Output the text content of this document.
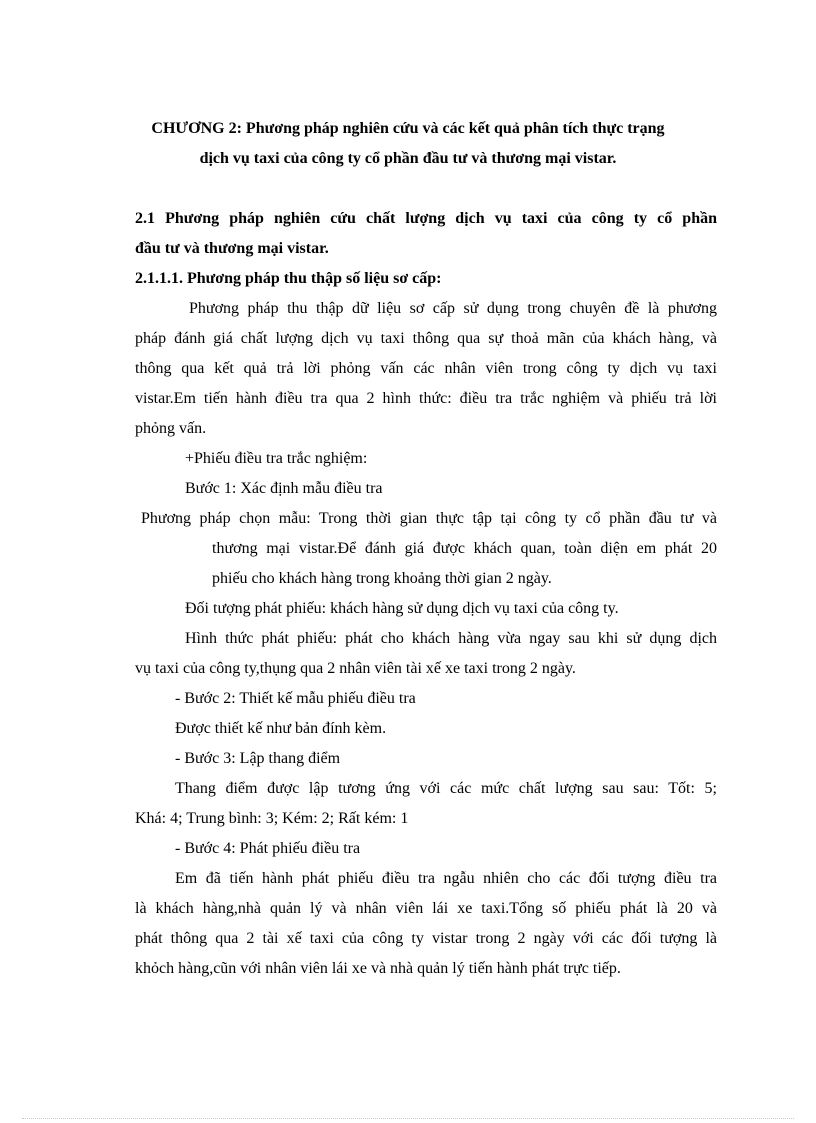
CHƯƠNG 2: Phương pháp nghiên cứu và các kết quả phân tích thực trạng
dịch vụ taxi của công ty cổ phần đầu tư và thương mại vistar.
2.1 Phương pháp nghiên cứu chất lượng dịch vụ taxi của công ty cổ phần
đầu tư và thương mại vistar.
2.1.1.1. Phương pháp thu thập số liệu sơ cấp:
Phương pháp thu thập dữ liệu sơ cấp sử dụng trong chuyên đề là phương
pháp đánh giá chất lượng dịch vụ taxi thông qua sự thoả mãn của khách hàng, và
thông qua kết quả trả lời phỏng vấn các nhân viên trong công ty dịch vụ taxi
vistar.Em tiến hành điều tra qua 2 hình thức: điều tra trắc nghiệm và phiếu trả lời
phỏng vấn.
+Phiếu điều tra trắc nghiệm:
Bước 1: Xác định mẫu điều tra
Phương pháp chọn mẫu: Trong thời gian thực tập tại công ty cổ phần đầu tư và
thương mại vistar.Để đánh giá được khách quan, toàn diện em phát 20
phiếu cho khách hàng trong khoảng thời gian 2 ngày.
Đối tượng phát phiếu: khách hàng sử dụng dịch vụ taxi của công ty.
Hình thức phát phiếu: phát cho khách hàng vừa ngay sau khi sử dụng dịch
vụ taxi của công ty,thụng qua 2 nhân viên tài xế xe taxi trong 2 ngày.
- Bước 2: Thiết kế mẫu phiếu điều tra
Được thiết kế như bản đính kèm.
- Bước 3: Lập thang điểm
Thang điểm được lập tương ứng với các mức chất lượng sau sau: Tốt: 5;
Khá: 4; Trung bình: 3; Kém: 2; Rất kém: 1
- Bước 4: Phát phiếu điều tra
Em đã tiến hành phát phiếu điều tra ngẫu nhiên cho các đối tượng điều tra
là khách hàng,nhà quản lý và nhân viên lái xe taxi.Tổng số phiếu phát là 20 và
phát thông qua 2 tài xế taxi của công ty vistar trong 2 ngày với các đối tượng là
khỏch hàng,cũn với nhân viên lái xe và nhà quản lý tiến hành phát trực tiếp.
